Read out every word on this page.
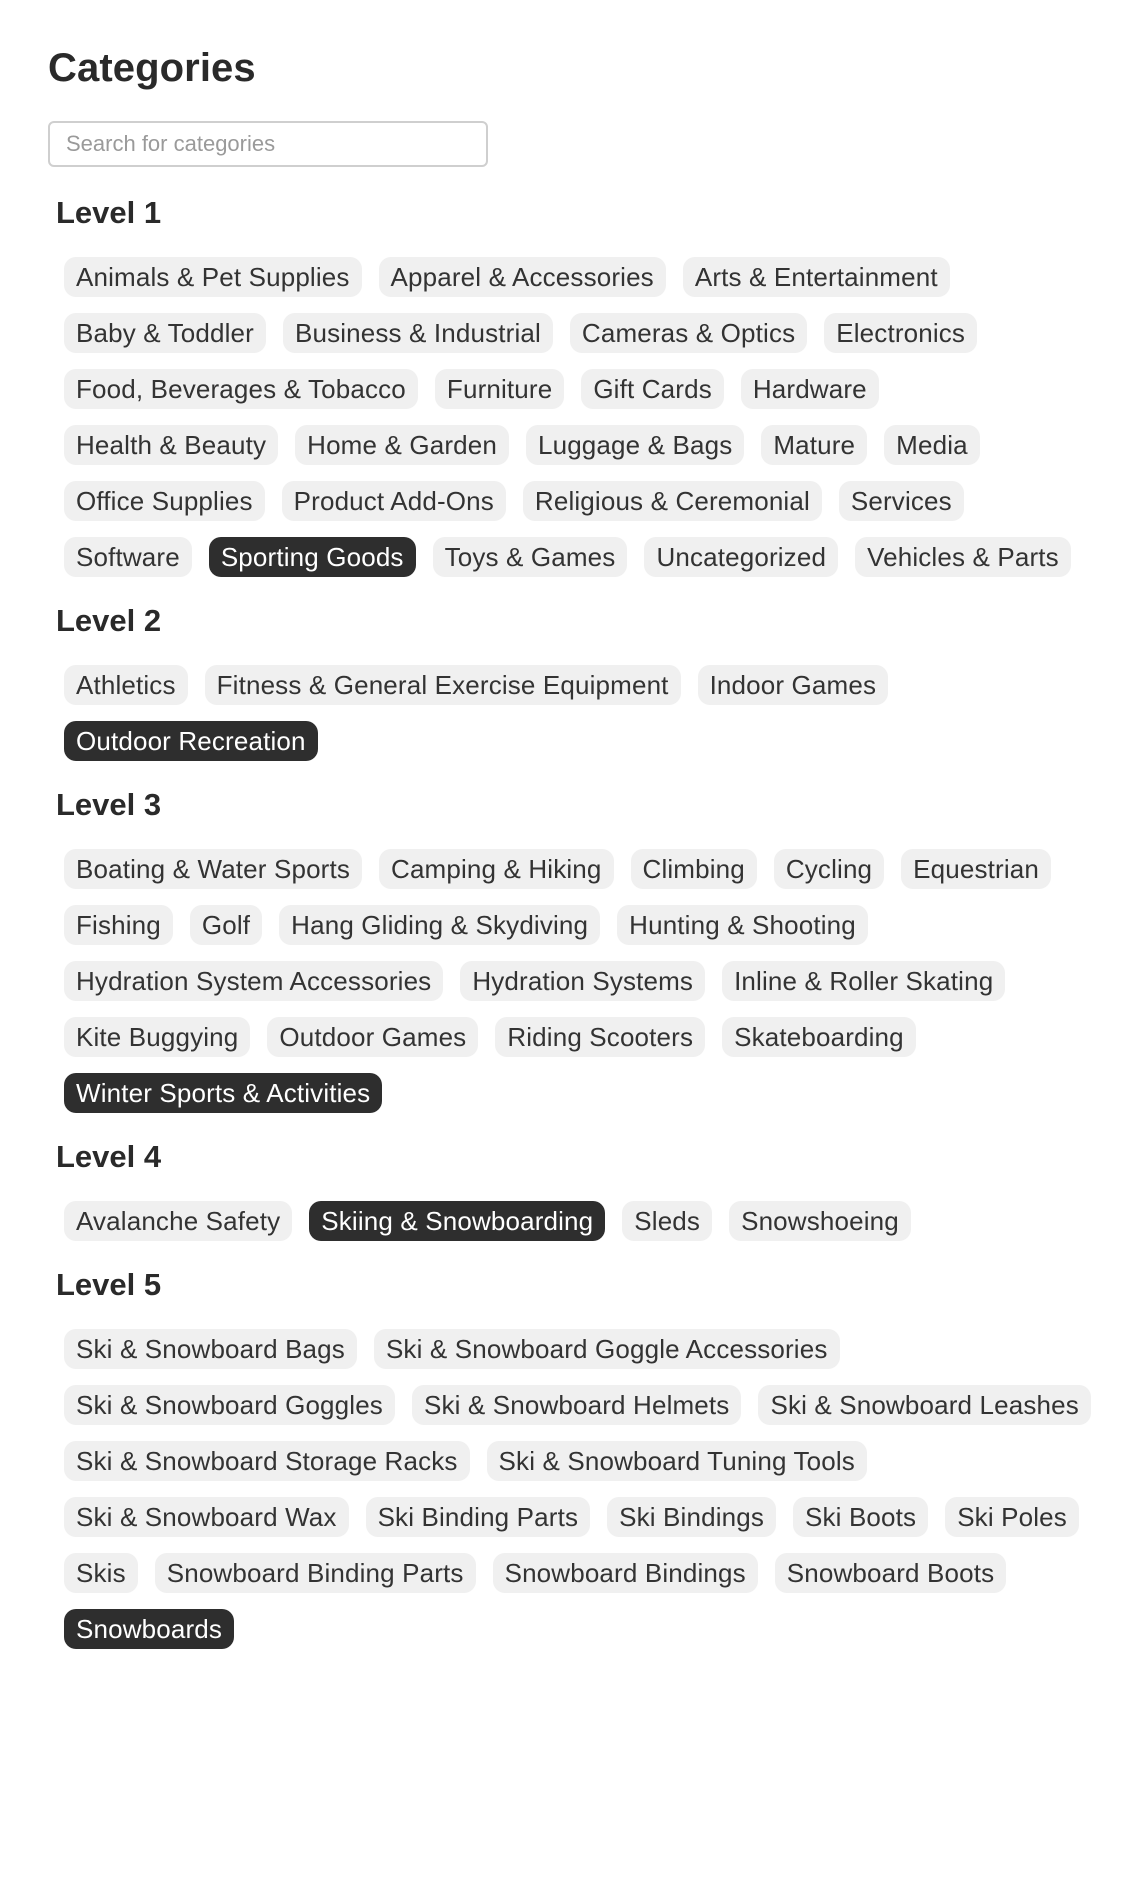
Categories
Search for categories
Level 1
Animals & Pet Supplies	Apparel & Accessories	Arts & Entertainment
Baby & Toddler	Business & Industrial	Cameras & Optics	Electronics
Food, Beverages & Tobacco	Furniture	Gift Cards	Hardware
Health & Beauty	Home & Garden	Luggage & Bags	Mature	Media
Office Supplies	Product Add-Ons	Religious & Ceremonial	Services
Software	Sporting Goods	Toys & Games	Uncategorized	Vehicles & Parts
Level 2
Athletics	Fitness & General Exercise Equipment	Indoor Games
Outdoor Recreation
Level 3
Boating & Water Sports	Camping & Hiking	Climbing	Cycling	Equestrian
Fishing	Golf	Hang Gliding & Skydiving	Hunting & Shooting
Hydration System Accessories	Hydration Systems	Inline & Roller Skating
Kite Buggying	Outdoor Games	Riding Scooters	Skateboarding
Winter Sports & Activities
Level 4
Avalanche Safety	Skiing & Snowboarding	Sleds	Snowshoeing
Level 5
Ski & Snowboard Bags	Ski & Snowboard Goggle Accessories
Ski & Snowboard Goggles	Ski & Snowboard Helmets	Ski & Snowboard Leashes
Ski & Snowboard Storage Racks	Ski & Snowboard Tuning Tools
Ski & Snowboard Wax	Ski Binding Parts	Ski Bindings	Ski Boots	Ski Poles
Skis	Snowboard Binding Parts	Snowboard Bindings	Snowboard Boots
Snowboards
